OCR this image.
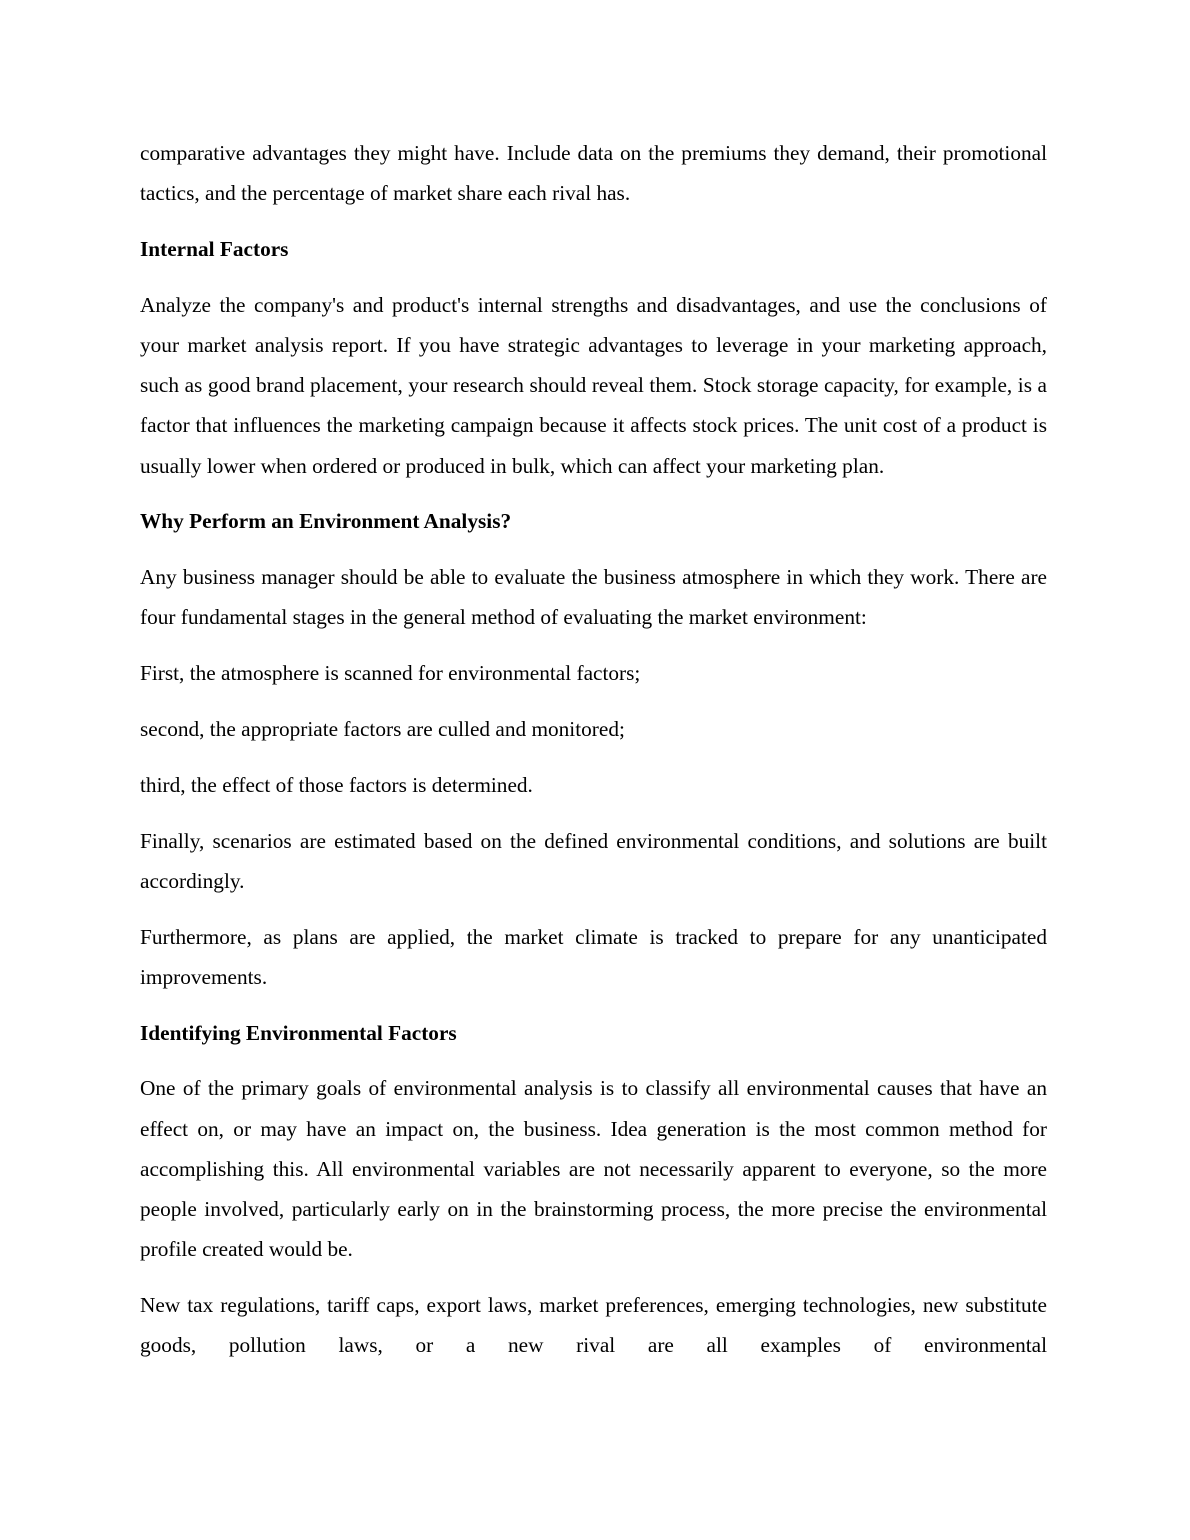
comparative advantages they might have. Include data on the premiums they demand, their promotional tactics, and the percentage of market share each rival has.

Internal Factors

Analyze the company's and product's internal strengths and disadvantages, and use the conclusions of your market analysis report. If you have strategic advantages to leverage in your marketing approach, such as good brand placement, your research should reveal them. Stock storage capacity, for example, is a factor that influences the marketing campaign because it affects stock prices. The unit cost of a product is usually lower when ordered or produced in bulk, which can affect your marketing plan.

Why Perform an Environment Analysis?

Any business manager should be able to evaluate the business atmosphere in which they work. There are four fundamental stages in the general method of evaluating the market environment:

First, the atmosphere is scanned for environmental factors;

second, the appropriate factors are culled and monitored;

third, the effect of those factors is determined.

Finally, scenarios are estimated based on the defined environmental conditions, and solutions are built accordingly.

Furthermore, as plans are applied, the market climate is tracked to prepare for any unanticipated improvements.

Identifying Environmental Factors

One of the primary goals of environmental analysis is to classify all environmental causes that have an effect on, or may have an impact on, the business. Idea generation is the most common method for accomplishing this. All environmental variables are not necessarily apparent to everyone, so the more people involved, particularly early on in the brainstorming process, the more precise the environmental profile created would be.

New tax regulations, tariff caps, export laws, market preferences, emerging technologies, new substitute goods, pollution laws, or a new rival are all examples of environmental
